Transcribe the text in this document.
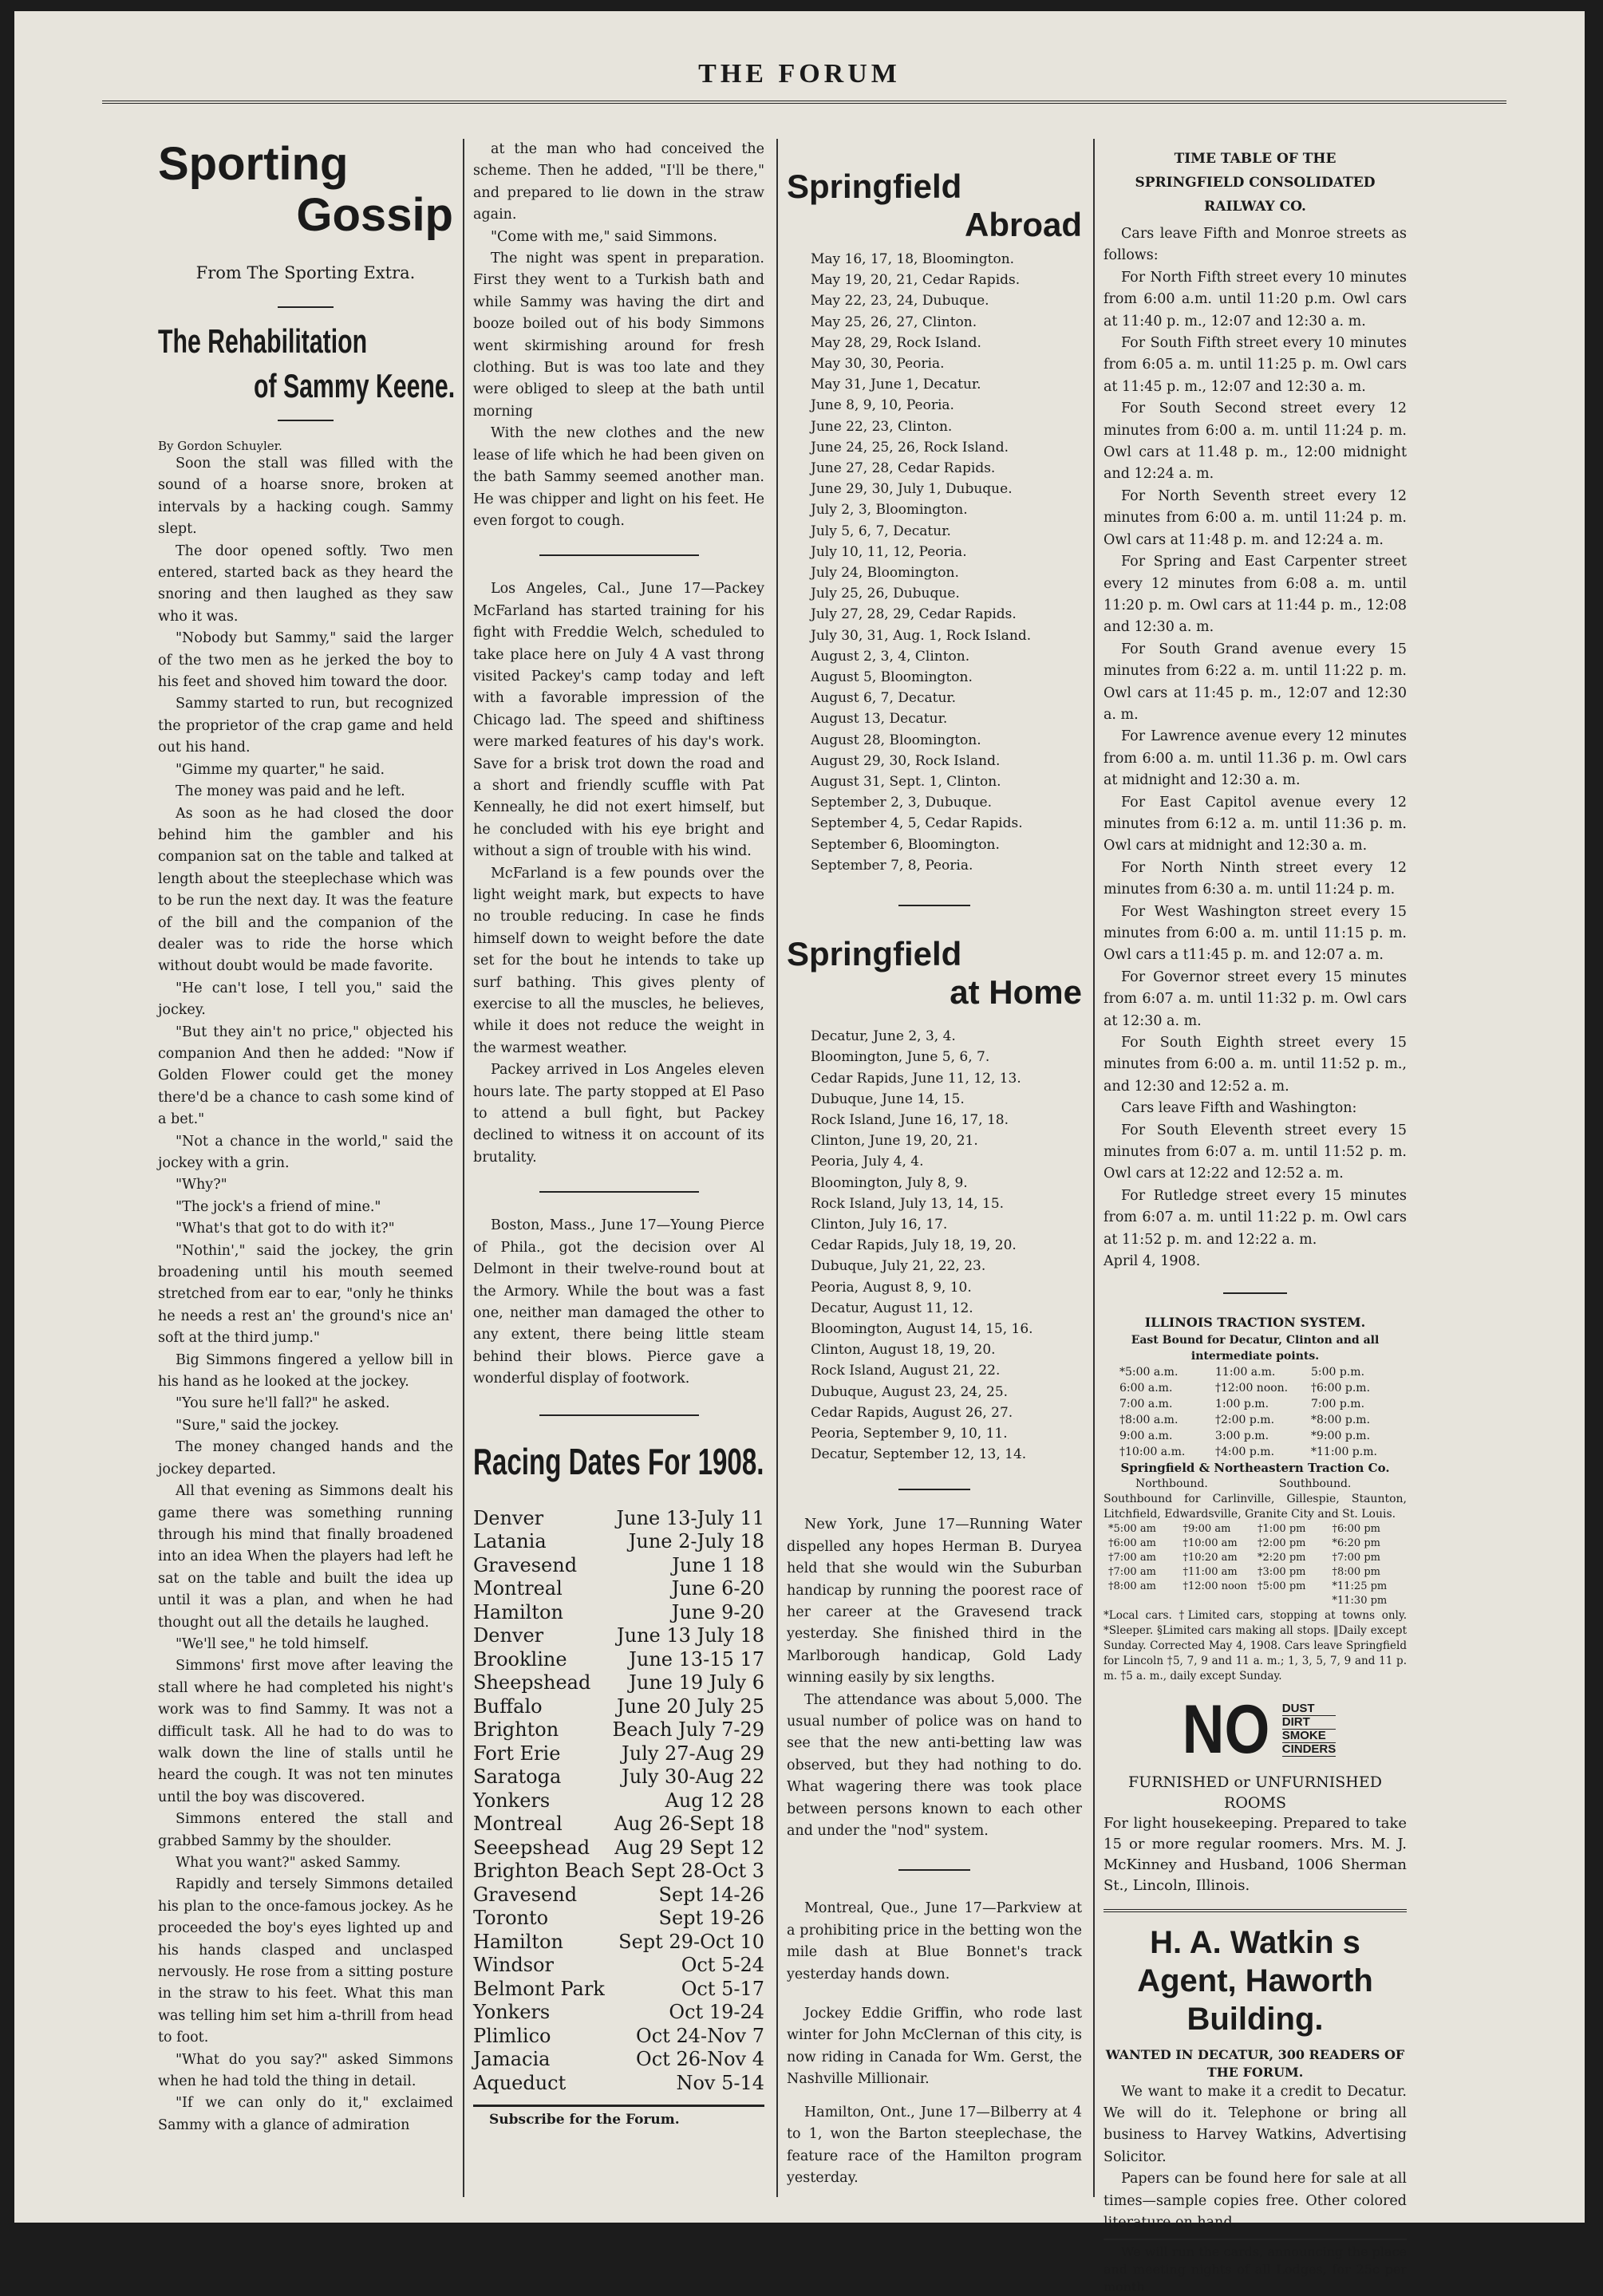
THE FORUM
Sporting
Gossip
From The Sporting Extra.
The Rehabilitation
of Sammy Keene.
By Gordon Schuyler.

Soon the stall was filled with the sound of a hoarse snore, broken at intervals by a hacking cough. Sammy slept.

The door opened softly. Two men entered, started back as they heard the snoring and then laughed as they saw who it was.

"Nobody but Sammy," said the larger of the two men as he jerked the boy to his feet and shoved him toward the door.

Sammy started to run, but recognized the proprietor of the crap game and held out his hand.

"Gimme my quarter," he said.

The money was paid and he left.

As soon as he had closed the door behind him the gambler and his companion sat on the table and talked at length about the steeplechase which was to be run the next day. It was the feature of the bill and the companion of the dealer was to ride the horse which without doubt would be made favorite.

"He can't lose, I tell you," said the jockey.

"But they ain't no price," objected his companion And then he added: "Now if Golden Flower could get the money there'd be a chance to cash some kind of a bet."

"Not a chance in the world," said the jockey with a grin.

"Why?"

"The jock's a friend of mine."

"What's that got to do with it?"

"Nothin'," said the jockey, the grin broadening until his mouth seemed stretched from ear to ear, "only he thinks he needs a rest an' the ground's nice an' soft at the third jump."

Big Simmons fingered a yellow bill in his hand as he looked at the jockey.

"You sure he'll fall?" he asked.

"Sure," said the jockey.

The money changed hands and the jockey departed.

All that evening as Simmons dealt his game there was something running through his mind that finally broadened into an idea When the players had left he sat on the table and built the idea up until it was a plan, and when he had thought out all the details he laughed.

"We'll see," he told himself.

Simmons' first move after leaving the stall where he had completed his night's work was to find Sammy. It was not a difficult task. All he had to do was to walk down the line of stalls until he heard the cough. It was not ten minutes until the boy was discovered.

Simmons entered the stall and grabbed Sammy by the shoulder.

What you want?" asked Sammy.

Rapidly and tersely Simmons detailed his plan to the once-famous jockey. As he proceeded the boy's eyes lighted up and his hands clasped and unclasped nervously. He rose from a sitting posture in the straw to his feet. What this man was telling him set him a-thrill from head to foot.

"What do you say?" asked Simmons when he had told the thing in detail.

"If we can only do it," exclaimed Sammy with a glance of admiration

at the man who had conceived the scheme. Then he added, "I'll be there," and prepared to lie down in the straw again.

"Come with me," said Simmons.

The night was spent in preparation. First they went to a Turkish bath and while Sammy was having the dirt and booze boiled out of his body Simmons went skirmishing around for fresh clothing. But is was too late and they were obliged to sleep at the bath until morning

With the new clothes and the new lease of life which he had been given on the bath Sammy seemed another man. He was chipper and light on his feet. He even forgot to cough.

Los Angeles, Cal., June 17—Packey McFarland has started training for his fight with Freddie Welch, scheduled to take place here on July 4 A vast throng visited Packey's camp today and left with a favorable impression of the Chicago lad. The speed and shiftiness were marked features of his day's work. Save for a brisk trot down the road and a short and friendly scuffle with Pat Kenneally, he did not exert himself, but he concluded with his eye bright and without a sign of trouble with his wind.

McFarland is a few pounds over the light weight mark, but expects to have no trouble reducing. In case he finds himself down to weight before the date set for the bout he intends to take up surf bathing. This gives plenty of exercise to all the muscles, he believes, while it does not reduce the weight in the warmest weather.

Packey arrived in Los Angeles eleven hours late. The party stopped at El Paso to attend a bull fight, but Packey declined to witness it on account of its brutality.

Boston, Mass., June 17—Young Pierce of Phila., got the decision over Al Delmont in their twelve-round bout at the Armory. While the bout was a fast one, neither man damaged the other to any extent, there being little steam behind their blows. Pierce gave a wonderful display of footwork.

Racing Dates For 1908.
Denver	June 13-July 11
Latania	June 2-July 18
Gravesend	June 1 18
Montreal	June 6-20
Hamilton	June 9-20
Denver	June 13 July 18
Brookline	June 13-15 17
Sheepshead June 19 July 6
Buffalo	June 20 July 25
Brighton	Beach July 7-29
Fort Erie	July 27-Aug 29
Saratoga	July 30-Aug 22
Yonkers	Aug 12 28
Montreal	Aug 26-Sept 18
Seeepshead Aug 29 Sept 12
Brighton Beach Sept 28-Oct 3
Gravesend	Sept 14-26
Toronto	Sept 19-26
Hamilton	Sept 29-Oct 10
Windsor	Oct 5-24
Belmont Park	Oct 5-17
Yonkers	Oct 19-24
Plimlico	Oct 24-Nov 7
Jamacia	Oct 26-Nov 4
Aqueduct	Nov 5-14
Subscribe for the Forum.
Springfield
Abroad
May 16, 17, 18, Bloomington.
May 19, 20, 21, Cedar Rapids.
May 22, 23, 24, Dubuque.
May 25, 26, 27, Clinton.
May 28, 29, Rock Island.
May 30, 30, Peoria.
May 31, June 1, Decatur.
June 8, 9, 10, Peoria.
June 22, 23, Clinton.
June 24, 25, 26, Rock Island.
June 27, 28, Cedar Rapids.
June 29, 30, July 1, Dubuque.
July 2, 3, Bloomington.
July 5, 6, 7, Decatur.
July 10, 11, 12, Peoria.
July 24, Bloomington.
July 25, 26, Dubuque.
July 27, 28, 29, Cedar Rapids.
July 30, 31, Aug. 1, Rock Island.
August 2, 3, 4, Clinton.
August 5, Bloomington.
August 6, 7, Decatur.
August 13, Decatur.
August 28, Bloomington.
August 29, 30, Rock Island.
August 31, Sept. 1, Clinton.
September 2, 3, Dubuque.
September 4, 5, Cedar Rapids.
September 6, Bloomington.
September 7, 8, Peoria.
Springfield
at Home
Decatur, June 2, 3, 4.
Bloomington, June 5, 6, 7.
Cedar Rapids, June 11, 12, 13.
Dubuque, June 14, 15.
Rock Island, June 16, 17, 18.
Clinton, June 19, 20, 21.
Peoria, July 4, 4.
Bloomington, July 8, 9.
Rock Island, July 13, 14, 15.
Clinton, July 16, 17.
Cedar Rapids, July 18, 19, 20.
Dubuque, July 21, 22, 23.
Peoria, August 8, 9, 10.
Decatur, August 11, 12.
Bloomington, August 14, 15, 16.
Clinton, August 18, 19, 20.
Rock Island, August 21, 22.
Dubuque, August 23, 24, 25.
Cedar Rapids, August 26, 27.
Peoria, September 9, 10, 11.
Decatur, September 12, 13, 14.

New York, June 17—Running Water dispelled any hopes Herman B. Duryea held that she would win the Suburban handicap by running the poorest race of her career at the Gravesend track yesterday. She finished third in the Marlborough handicap, Gold Lady winning easily by six lengths.

The attendance was about 5,000. The usual number of police was on hand to see that the new anti-betting law was observed, but they had nothing to do. What wagering there was took place between persons known to each other and under the "nod" system.

Montreal, Que., June 17—Parkview at a prohibiting price in the betting won the mile dash at Blue Bonnet's track yesterday hands down.

Jockey Eddie Griffin, who rode last winter for John McClernan of this city, is now riding in Canada for Wm. Gerst, the Nashville Millionair.

Hamilton, Ont., June 17—Bilberry at 4 to 1, won the Barton steeplechase, the feature race of the Hamilton program yesterday.

TIME TABLE OF THE
SPRINGFIELD CONSOLIDATED RAILWAY CO.

Cars leave Fifth and Monroe streets as follows:

For North Fifth street every 10 minutes from 6:00 a.m. until 11:20 p.m. Owl cars at 11:40 p. m., 12:07 and 12:30 a. m.

For South Fifth street every 10 minutes from 6:05 a. m. until 11:25 p. m. Owl cars at 11:45 p. m., 12:07 and 12:30 a. m.

For South Second street every 12 minutes from 6:00 a. m. until 11:24 p. m. Owl cars at 11.48 p. m., 12:00 midnight and 12:24 a. m.

For North Seventh street every 12 minutes from 6:00 a. m. until 11:24 p. m. Owl cars at 11:48 p. m. and 12:24 a. m.

For Spring and East Carpenter street every 12 minutes from 6:08 a. m. until 11:20 p. m. Owl cars at 11:44 p. m., 12:08 and 12:30 a. m.

For South Grand avenue every 15 minutes from 6:22 a. m. until 11:22 p. m. Owl cars at 11:45 p. m., 12:07 and 12:30 a. m.

For Lawrence avenue every 12 minutes from 6:00 a. m. until 11.36 p. m. Owl cars at midnight and 12:30 a. m.

For East Capitol avenue every 12 minutes from 6:12 a. m. until 11:36 p. m. Owl cars at midnight and 12:30 a. m.

For North Ninth street every 12 minutes from 6:30 a. m. until 11:24 p. m.

For West Washington street every 15 minutes from 6:00 a. m. until 11:15 p. m. Owl cars a t11:45 p. m. and 12:07 a. m.

For Governor street every 15 minutes from 6:07 a. m. until 11:32 p. m. Owl cars at 12:30 a. m.

For South Eighth street every 15 minutes from 6:00 a. m. until 11:52 p. m., and 12:30 and 12:52 a. m.

Cars leave Fifth and Washington:

For South Eleventh street every 15 minutes from 6:07 a. m. until 11:52 p. m. Owl cars at 12:22 and 12:52 a. m.

For Rutledge street every 15 minutes from 6:07 a. m. until 11:22 p. m. Owl cars at 11:52 p. m. and 12:22 a. m.

April 4, 1908.

ILLINOIS TRACTION SYSTEM.
East Bound for Decatur, Clinton and all intermediate points.
*5:00 a.m.	11:00 a.m.	5:00 p.m.
6:00 a.m.	†12:00 noon.	†6:00 p.m.
7:00 a.m.	1:00 p.m.	7:00 p.m.
†8:00 a.m.	†2:00 p.m.	*8:00 p.m.
9:00 a.m.	3:00 p.m.	*9:00 p.m.
†10:00 a.m.	†4:00 p.m.	*11:00 p.m.
Springfield & Northeastern Traction Co.
Northbound.                    Southbound.
Southbound for Carlinville, Gillespie, Staunton, Litchfield, Edwardsville, Granite City and St. Louis.
*5:00 am	†9:00 am	†1:00 pm	†6:00 pm
†6:00 am	†10:00 am	†2:00 pm	*6:20 pm
†7:00 am	†10:20 am	*2:20 pm	†7:00 pm
†7:00 am	†11:00 am	†3:00 pm	†8:00 pm
†8:00 am	†12:00 noon	†5:00 pm	*11:25 pm
*11:30 pm
*Local cars. †Limited cars, stopping at towns only. *Sleeper. §Limited cars making all stops. ‖Daily except Sunday. Corrected May 4, 1908. Cars leave Springfield for Lincoln †5, 7, 9 and 11 a. m.; 1, 3, 5, 7, 9 and 11 p. m. †5 a. m., daily except Sunday.
NO DUST
DIRT
SMOKE
CINDERS
FURNISHED or UNFURNISHED ROOMS

For light housekeeping. Prepared to take 15 or more regular roomers. Mrs. M. J. McKinney and Husband, 1006 Sherman St., Lincoln, Illinois.

H. A. Watkin s
Agent, Haworth
Building.
WANTED IN DECATUR, 300 READERS OF THE FORUM.

We want to make it a credit to Decatur. We will do it. Telephone or bring all business to Harvey Watkins, Advertising Solicitor.

Papers can be found here for sale at all times—sample copies free. Other colored literature on hand.

We will run the cards, announcing the place and meeting nights of all Lodges, for 25c per month.
